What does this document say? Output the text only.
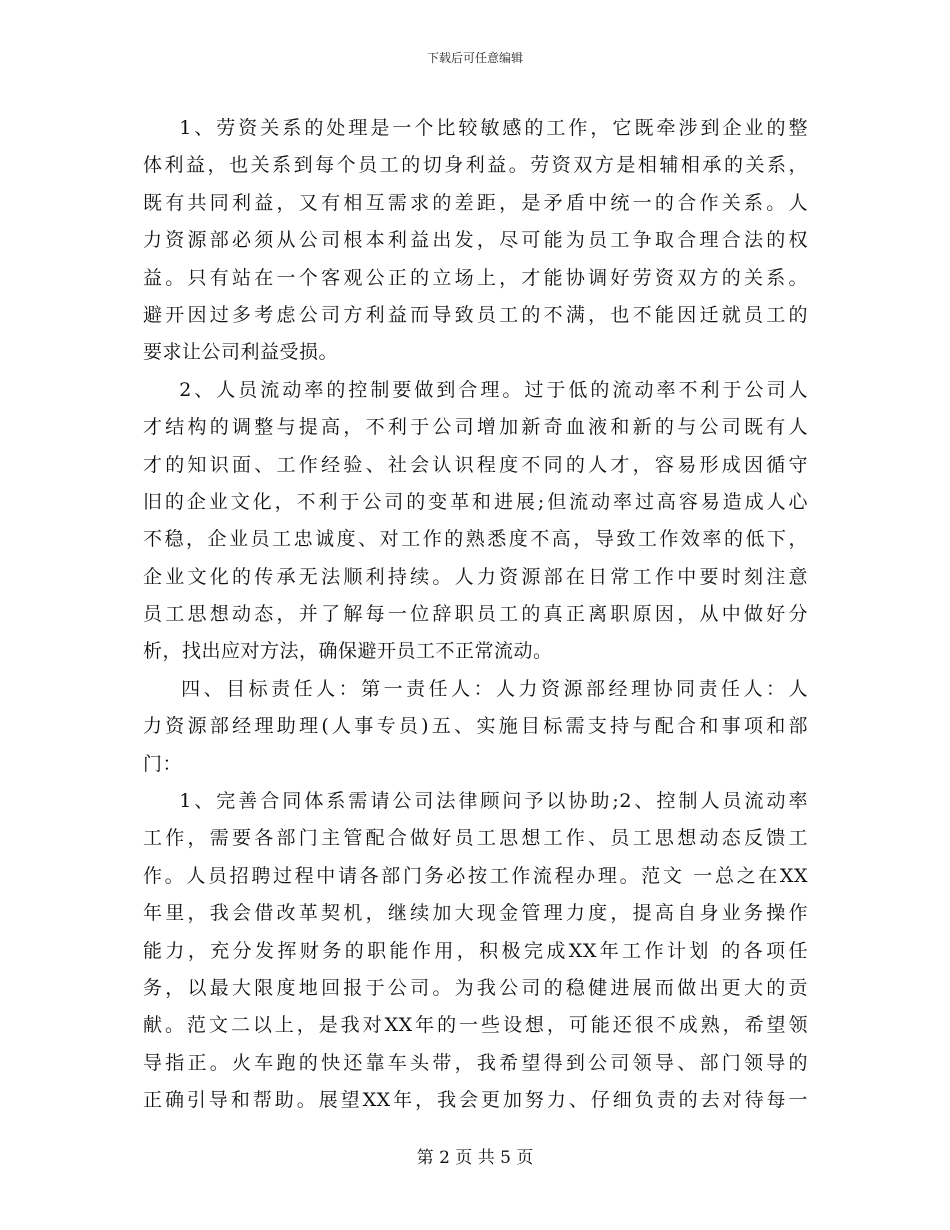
下载后可任意编辑
1、劳资关系的处理是一个比较敏感的工作，它既牵涉到企业的整
体利益，也关系到每个员工的切身利益。劳资双方是相辅相承的关系，
既有共同利益，又有相互需求的差距，是矛盾中统一的合作关系。人
力资源部必须从公司根本利益出发，尽可能为员工争取合理合法的权
益。只有站在一个客观公正的立场上，才能协调好劳资双方的关系。
避开因过多考虑公司方利益而导致员工的不满，也不能因迁就员工的
要求让公司利益受损。
2、人员流动率的控制要做到合理。过于低的流动率不利于公司人
才结构的调整与提高，不利于公司增加新奇血液和新的与公司既有人
才的知识面、工作经验、社会认识程度不同的人才，容易形成因循守
旧的企业文化，不利于公司的变革和进展;但流动率过高容易造成人心
不稳，企业员工忠诚度、对工作的熟悉度不高，导致工作效率的低下，
企业文化的传承无法顺利持续。人力资源部在日常工作中要时刻注意
员工思想动态，并了解每一位辞职员工的真正离职原因，从中做好分
析，找出应对方法，确保避开员工不正常流动。
四、目标责任人：第一责任人：人力资源部经理协同责任人：人
力资源部经理助理(人事专员)五、实施目标需支持与配合和事项和部
门：
1、完善合同体系需请公司法律顾问予以协助;2、控制人员流动率
工作，需要各部门主管配合做好员工思想工作、员工思想动态反馈工
作。人员招聘过程中请各部门务必按工作流程办理。范文 一总之在XX
年里，我会借改革契机，继续加大现金管理力度，提高自身业务操作
能力，充分发挥财务的职能作用，积极完成XX年工作计划 的各项任
务，以最大限度地回报于公司。为我公司的稳健进展而做出更大的贡
献。范文二以上，是我对XX年的一些设想，可能还很不成熟，希望领
导指正。火车跑的快还靠车头带，我希望得到公司领导、部门领导的
正确引导和帮助。展望XX年，我会更加努力、仔细负责的去对待每一
第 2 页 共 5 页
